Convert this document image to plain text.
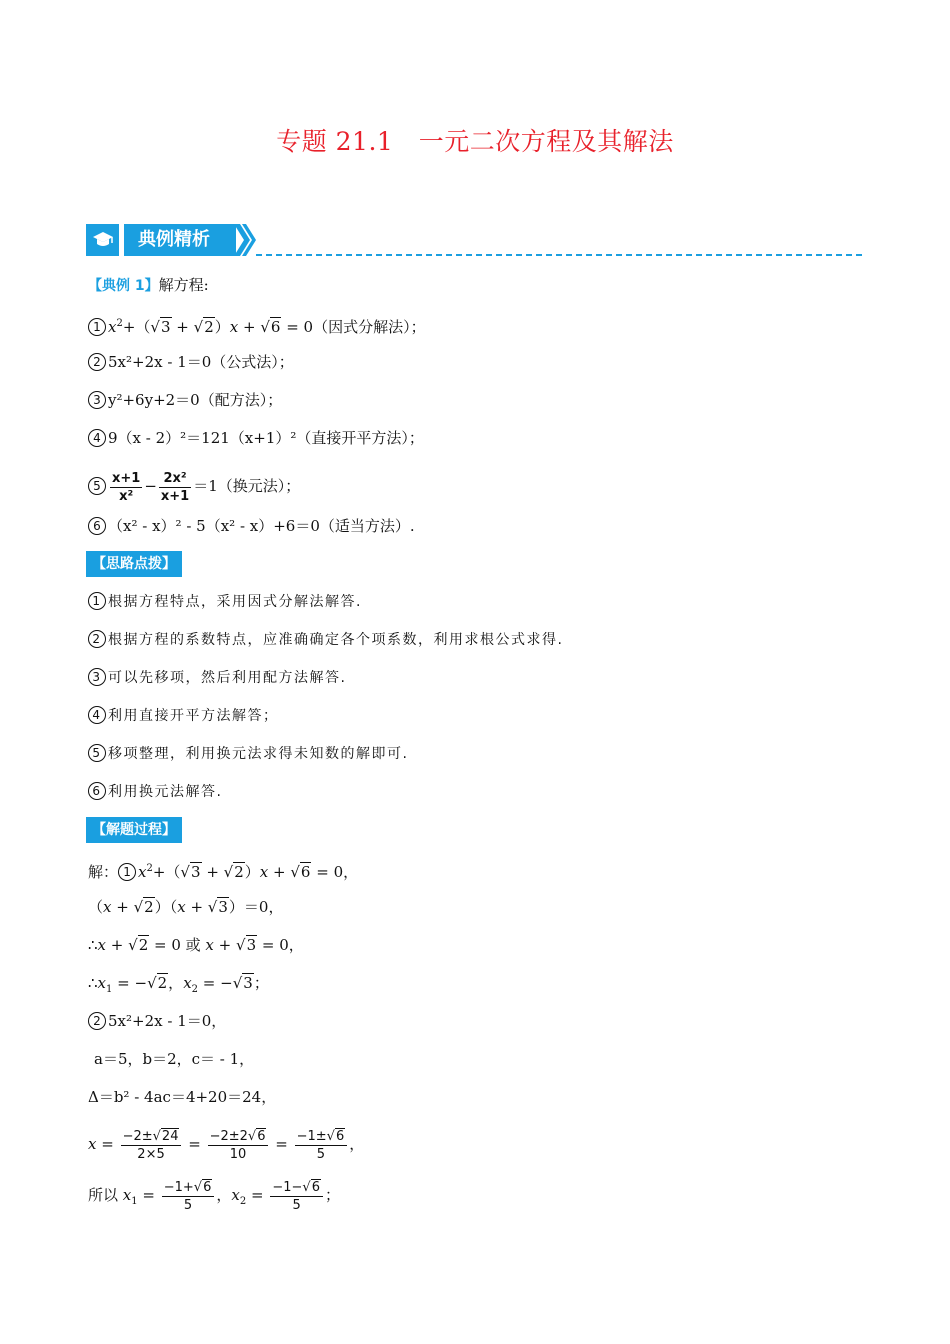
专题 21.1　一元二次方程及其解法
典例精析
【典例 1】解方程:
1 $x^2+(√3 + √2)x + √6 = 0$（因式分解法）；
2 5x²+2x - 1＝0（公式法）；
3 y²+6y+2＝0（配方法）；
4 9（x - 2）²＝121（x+1）²（直接开平方法）；
$5 \frac{x+1}{\text{x²}} - \frac{\text{2x²}}{x+1} =1$（换元法）；
6 （x² - x）² - 5（x² - x）+6＝0（适当方法）.
【思路点拨】
1 根据方程特点，采用因式分解法解答.
2 根据方程的系数特点，应准确确定各个项系数，利用求根公式求得.
3 可以先移项，然后利用配方法解答.
4 利用直接开平方法解答；
5 移项整理，利用换元法求得未知数的解即可.
6 利用换元法解答.
【解题过程】
解： 1 $x^2+(√3 + √2)x + √6 = 0$，
（x + √2）（x + √3）＝0，
∴x + √2 = 0 或 x + √3 = 0，
$\therefore x_1 = -√2$，$x_2 = -√3$；
2 5x²+2x - 1＝0，
a＝5，b＝2，c＝ - 1，
Δ＝b² - 4ac＝4+20＝24，
$x = \frac{-2\pm√24}{2\times 5} = \frac{-2\pm 2√6}{10} = \frac{-1\pm√6}{5}$ ，
所以 $x_1 = \frac{-1+√6}{5}$ ，$x_2 = \frac{-1-√6}{5}$ ；
